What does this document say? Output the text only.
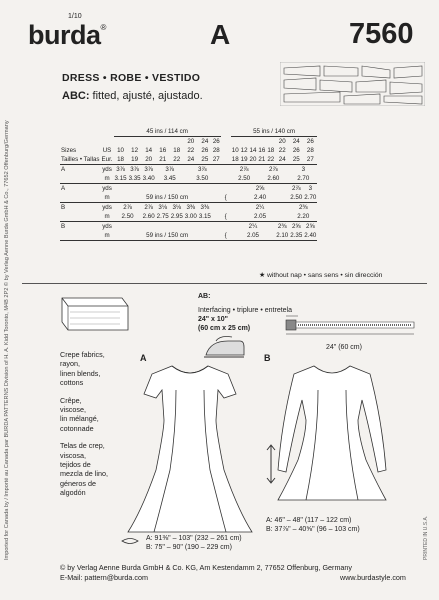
Imported for Canada by / Importé au Canada par BURDA PATTERNS Division of H. A. Kidd Toronto, M4B 2P2 © by Verlag Aenne Burda GmbH & Co., 77652 Offenburg/Germany	PRINTED IN U.S.A.
1/10
burda®	A	7560
DRESS • ROBE • VESTIDO
ABC: fitted, ajusté, ajustado.
		45 ins / 114 cm									55 ins / 140 cm							
							20	24	26							20	24	26
Sizes	US	10	12	14	16	18	22	26	28		10	12	14	16	18	22	26	28
Tailles • Tallas	Eur.	18	19	20	21	22	24	25	27		18	19	20	21	22	24	25	27
A	yds	3⅞	3⅞	3⅞	3⅞		3⅞				2⅞			2⅞			3	
	m	3.15	3.35	3.40	3.45		3.50				2.50			2.60			2.70	
A	yds										2⅝						2⅞	3
	m	59 ins / 150 cm								{	2.40						2.50	2.70
B	yds	2⅞		2⅞	3⅛	3⅛	3⅜	3⅜			2¼						2⅜	
	m	2.50		2.60	2.75	2.95	3.00	3.15		{	2.05						2.20	
B	yds										2¼					2⅜	2⅝	2⅝
	m	59 ins / 150 cm								{	2.05					2.10	2.35	2.40
★ without nap • sans sens • sin dirección
Crepe fabrics,
rayon,
linen blends,
cottons
Crêpe,
viscose,
lin mélangé,
cotonnade
Telas de crep,
viscosa,
tejidos de
mezcla de lino,
géneros de
algodón
AB:
Interfacing • triplure • entretela
24" x 10"
(60 cm x 25 cm)
24" (60 cm)
A	B
A: 46" – 48" (117 – 122 cm)
B: 37⅞" – 40⅝" (96 – 103 cm)
A: 91⅜" – 103" (232 – 261 cm)
B: 75" – 90" (190 – 229 cm)
© by Verlag Aenne Burda GmbH & Co. KG, Am Kestendamm 2, 77652 Offenburg, Germany
E-Mail: pattern@burda.com	www.burdastyle.com
